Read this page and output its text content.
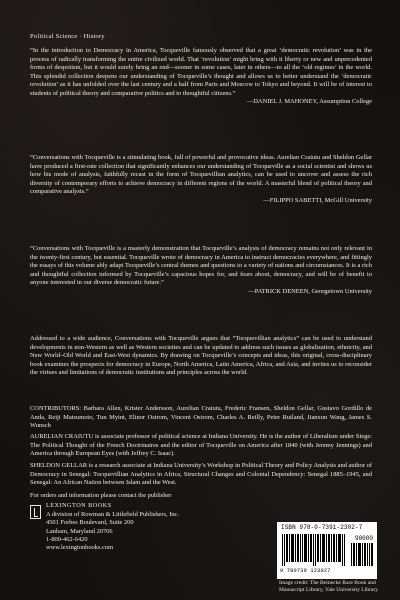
Political Science · History

“In the introduction to Democracy in America, Tocqueville famously observed that a great ‘democratic revolution’ was in the process of radically transforming the entire civilized world. That ‘revolution’ might bring with it liberty or new and unprecedented forms of despotism, but it would surely bring an end—sooner in some cases, later in others—to all the ‘old regimes’ in the world. This splendid collection deepens our understanding of Tocqueville’s thought and allows us to better understand the ‘democratic revolution’ as it has unfolded over the last century and a half from Paris and Moscow to Tokyo and beyond. It will be of interest to students of political theory and comparative politics and to thoughtful citizens.”

—DANIEL J. MAHONEY, Assumption College

“Conversations with Tocqueville is a stimulating book, full of powerful and provocative ideas. Aurelian Craiutu and Sheldon Gellar have produced a first-rate collection that significantly enhances our understanding of Tocqueville as a social scientist and shows us how his mode of analysis, faithfully recast in the form of Tocquevillian analytics, can be used to uncover and assess the rich diversity of contemporary efforts to achieve democracy in different regions of the world. A masterful blend of political theory and comparative analysis.”

—FILIPPO SABETTI, McGill University

“Conversations with Tocqueville is a masterly demonstration that Tocqueville’s analysis of democracy remains not only relevant in the twenty-first century, but essential. Tocqueville wrote of democracy in America to instruct democracies everywhere, and fittingly the essays of this volume ably adapt Tocqueville’s central themes and questions to a variety of nations and circumstances. It is a rich and thoughtful collection informed by Tocqueville’s capacious hopes for, and fears about, democracy, and will be of benefit to anyone interested in our diverse democratic future.”

—PATRICK DENEEN, Georgetown University

Addressed to a wide audience, Conversations with Tocqueville argues that “Tocquevillian analytics” can be used to understand developments in non-Western as well as Western societies and can be updated to address such issues as globalization, ethnicity, and New World–Old World and East-West dynamics. By drawing on Tocqueville’s concepts and ideas, this original, cross-disciplinary book examines the prospects for democracy in Europe, North America, Latin America, Africa, and Asia, and invites us to reconsider the virtues and limitations of democratic institutions and principles across the world.

CONTRIBUTORS: Barbara Allen, Krister Andersson, Aurelian Craiutu, Frederic Fransen, Sheldon Gellar, Gustavo Gordillo de Anda, Reiji Matsumoto, Tun Myint, Elinor Ostrom, Vincent Ostrom, Charles A. Reilly, Peter Rutland, Jianxun Wang, James S. Wunsch

AURELIAN CRAIUTU is associate professor of political science at Indiana University. He is the author of Liberalism under Siege: The Political Thought of the French Doctrinaires and the editor of Tocqueville on America after 1840 (with Jeremy Jennings) and America through European Eyes (with Jeffrey C. Isaac).

SHELDON GELLAR is a research associate at Indiana University’s Workshop in Political Theory and Policy Analysis and author of Democracy in Senegal: Tocquevillian Analytics in Africa, Structural Changes and Colonial Dependency: Senegal 1885–1945, and Senegal: An African Nation between Islam and the West.

For orders and information please contact the publisher
LEXINGTON BOOKS
A division of Rowman & Littlefield Publishers, Inc.
4501 Forbes Boulevard, Suite 200
Lanham, Maryland 20706
1-800-462-6420
www.lexingtonbooks.com
ISBN 978-0-7391-2302-7
90000
9 780739 123027
Image credit: The Beinecke Rare Book and Manuscript Library, Yale University Library
